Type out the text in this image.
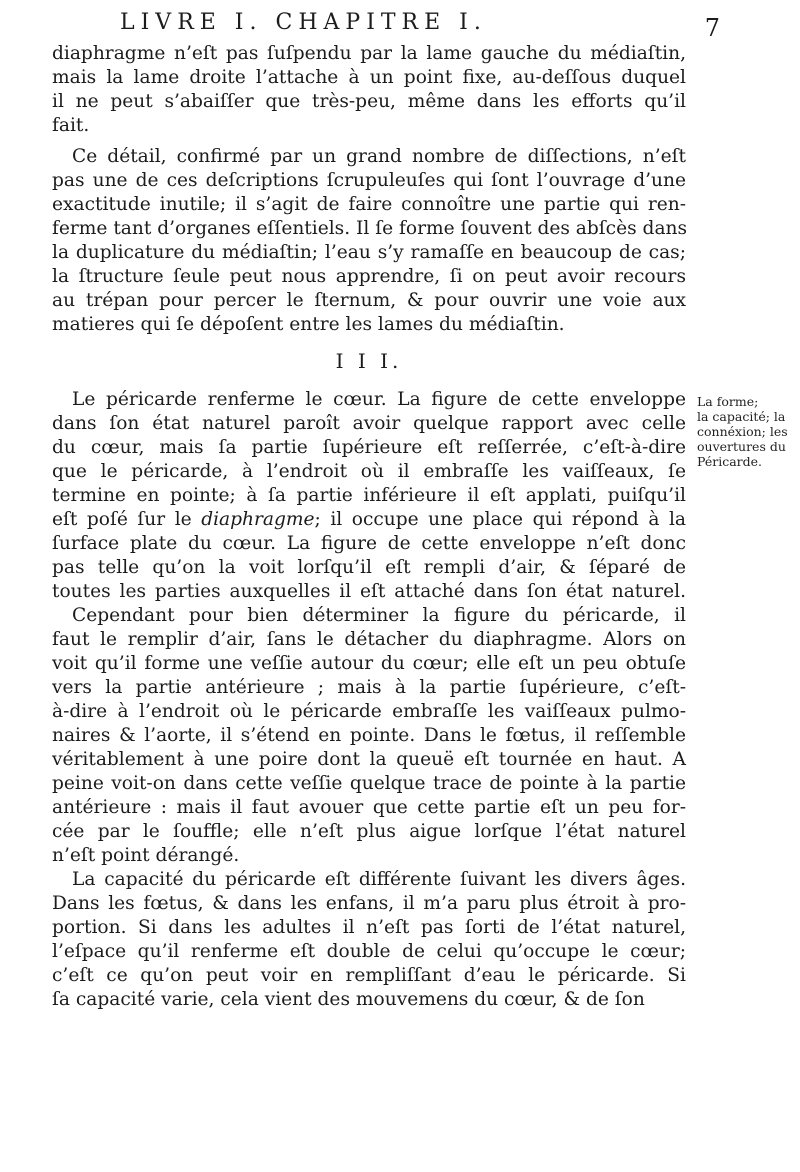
LIVRE I. CHAPITRE I.	7
diaphragme n’eſt pas ſuſpendu par la lame gauche du médiaſtin,
mais la lame droite l’attache à un point fixe, au-deſſous duquel
il ne peut s’abaiſſer que très-peu, même dans les efforts qu’il
fait.
Ce détail, confirmé par un grand nombre de diſſections, n’eſt
pas une de ces deſcriptions ſcrupuleuſes qui ſont l’ouvrage d’une
exactitude inutile; il s’agit de faire connoître une partie qui ren-
ferme tant d’organes eſſentiels. Il ſe forme ſouvent des abſcès dans
la duplicature du médiaſtin; l’eau s’y ramaſſe en beaucoup de cas;
la ſtructure ſeule peut nous apprendre, ſi on peut avoir recours
au trépan pour percer le ſternum, & pour ouvrir une voie aux
matieres qui ſe dépoſent entre les lames du médiaſtin.
I I I.
Le péricarde renferme le cœur. La figure de cette enveloppe
dans ſon état naturel paroît avoir quelque rapport avec celle
du cœur, mais ſa partie ſupérieure eſt reſſerrée, c’eſt-à-dire
que le péricarde, à l’endroit où il embraſſe les vaiſſeaux, ſe
termine en pointe; à ſa partie inférieure il eſt applati, puiſqu’il
eſt poſé ſur le diaphragme; il occupe une place qui répond à la
ſurface plate du cœur. La figure de cette enveloppe n’eſt donc
pas telle qu’on la voit lorſqu’il eſt rempli d’air, & ſéparé de
toutes les parties auxquelles il eſt attaché dans ſon état naturel.
Cependant pour bien déterminer la figure du péricarde, il
faut le remplir d’air, ſans le détacher du diaphragme. Alors on
voit qu’il forme une veſſie autour du cœur; elle eſt un peu obtuſe
vers la partie antérieure ; mais à la partie ſupérieure, c’eſt-
à-dire à l’endroit où le péricarde embraſſe les vaiſſeaux pulmo-
naires & l’aorte, il s’étend en pointe. Dans le fœtus, il reſſemble
véritablement à une poire dont la queuë eſt tournée en haut. A
peine voit-on dans cette veſſie quelque trace de pointe à la partie
antérieure : mais il faut avouer que cette partie eſt un peu for-
cée par le ſouffle; elle n’eſt plus aigue lorſque l’état naturel
n’eſt point dérangé.
La capacité du péricarde eſt différente ſuivant les divers âges.
Dans les fœtus, & dans les enfans, il m’a paru plus étroit à pro-
portion. Si dans les adultes il n’eſt pas ſorti de l’état naturel,
l’eſpace qu’il renferme eſt double de celui qu’occupe le cœur;
c’eſt ce qu’on peut voir en rempliſſant d’eau le péricarde. Si
ſa capacité varie, cela vient des mouvemens du cœur, & de ſon
La forme;
la capacité; la
connéxion; les
ouvertures du
Péricarde.
